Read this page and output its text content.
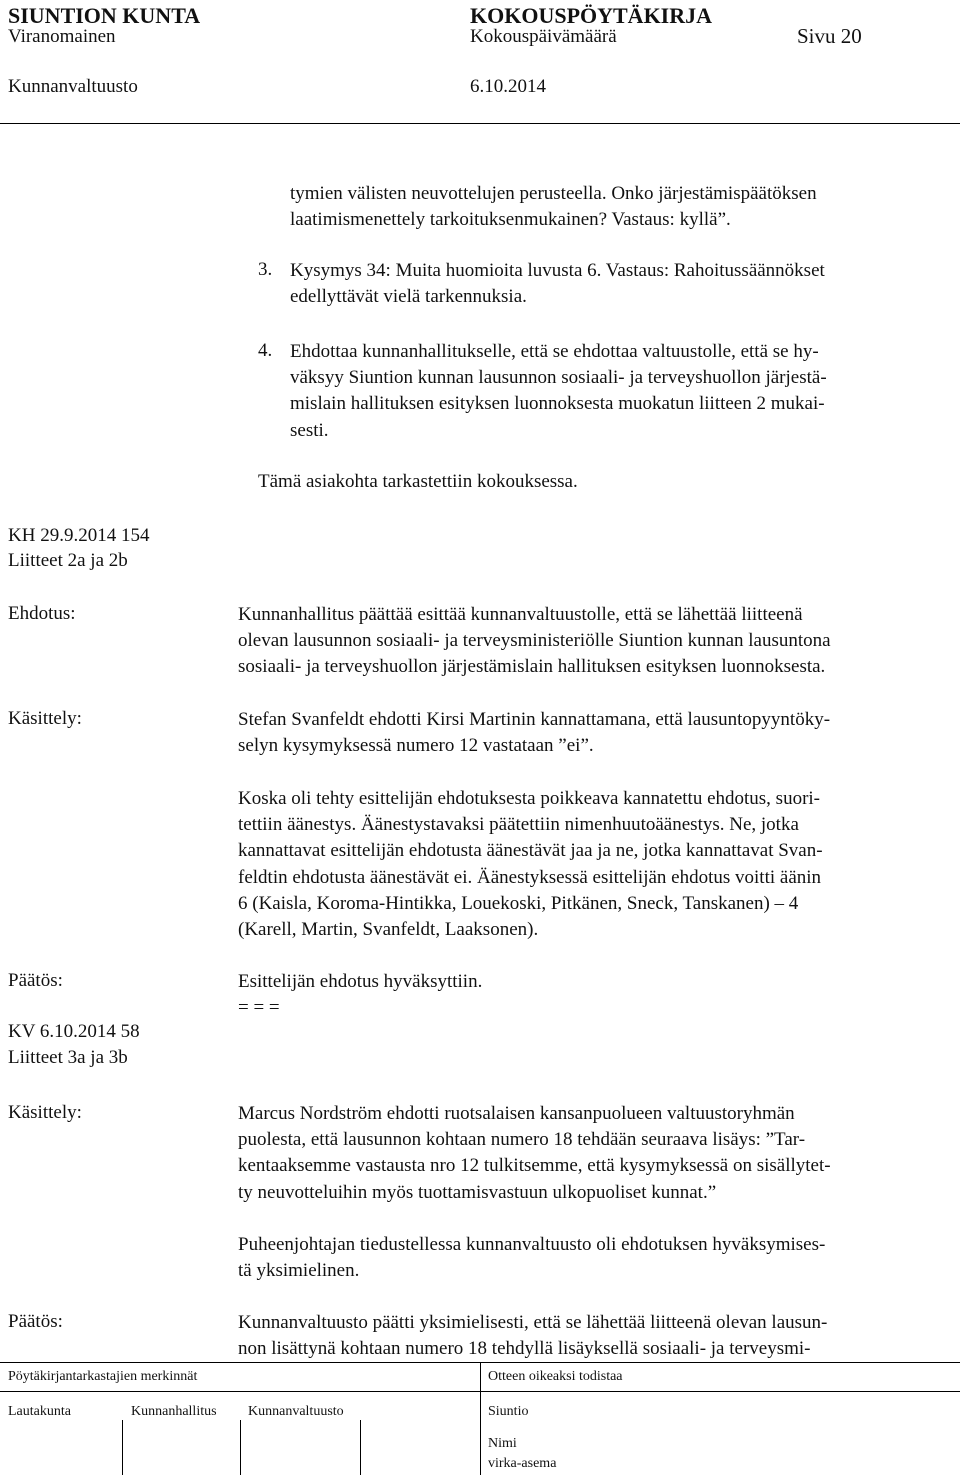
SIUNTION KUNTA	KOKOUSPÖYTÄKIRJA
Viranomainen	Kokouspäivämäärä	Sivu 20
Kunnanvaltuusto	6.10.2014
tymien välisten neuvottelujen perusteella. Onko järjestämispäätöksen
laatimismenettely tarkoituksenmukainen? Vastaus: kyllä”.
3. Kysymys 34: Muita huomioita luvusta 6. Vastaus: Rahoitussäännökset
edellyttävät vielä tarkennuksia.
4. Ehdottaa kunnanhallitukselle, että se ehdottaa valtuustolle, että se hy-
väksyy Siuntion kunnan lausunnon sosiaali- ja terveyshuollon järjestä-
mislain hallituksen esityksen luonnoksesta muokatun liitteen 2 mukai-
sesti.
Tämä asiakohta tarkastettiin kokouksessa.
KH 29.9.2014 154
Liitteet 2a ja 2b
Ehdotus:	Kunnanhallitus päättää esittää kunnanvaltuustolle, että se lähettää liitteenä
olevan lausunnon sosiaali- ja terveysministeriölle Siuntion kunnan lausuntona
sosiaali- ja terveyshuollon järjestämislain hallituksen esityksen luonnoksesta.
Käsittely:	Stefan Svanfeldt ehdotti Kirsi Martinin kannattamana, että lausuntopyyntöky-
selyn kysymyksessä numero 12 vastataan ”ei”.
Koska oli tehty esittelijän ehdotuksesta poikkeava kannatettu ehdotus, suori-
tettiin äänestys. Äänestystavaksi päätettiin nimenhuutoäänestys. Ne, jotka
kannattavat esittelijän ehdotusta äänestävät jaa ja ne, jotka kannattavat Svan-
feldtin ehdotusta äänestävät ei. Äänestyksessä esittelijän ehdotus voitti äänin
6 (Kaisla, Koroma-Hintikka, Louekoski, Pitkänen, Sneck, Tanskanen) – 4
(Karell, Martin, Svanfeldt, Laaksonen).
Päätös:	Esittelijän ehdotus hyväksyttiin.
= = =
KV 6.10.2014 58
Liitteet 3a ja 3b
Käsittely:	Marcus Nordström ehdotti ruotsalaisen kansanpuolueen valtuustoryhmän
puolesta, että lausunnon kohtaan numero 18 tehdään seuraava lisäys: ”Tar-
kentaaksemme vastausta nro 12 tulkitsemme, että kysymyksessä on sisällytet-
ty neuvotteluihin myös tuottamisvastuun ulkopuoliset kunnat.”
Puheenjohtajan tiedustellessa kunnanvaltuusto oli ehdotuksen hyväksymises-
tä yksimielinen.
Päätös:	Kunnanvaltuusto päätti yksimielisesti, että se lähettää liitteenä olevan lausun-
non lisättynä kohtaan numero 18 tehdyllä lisäyksellä sosiaali- ja terveysmi-
Pöytäkirjantarkastajien merkinnät	Otteen oikeaksi todistaa
Lautakunta	Kunnanhallitus Kunnanvaltuusto	Siuntio
Nimi
virka-asema
